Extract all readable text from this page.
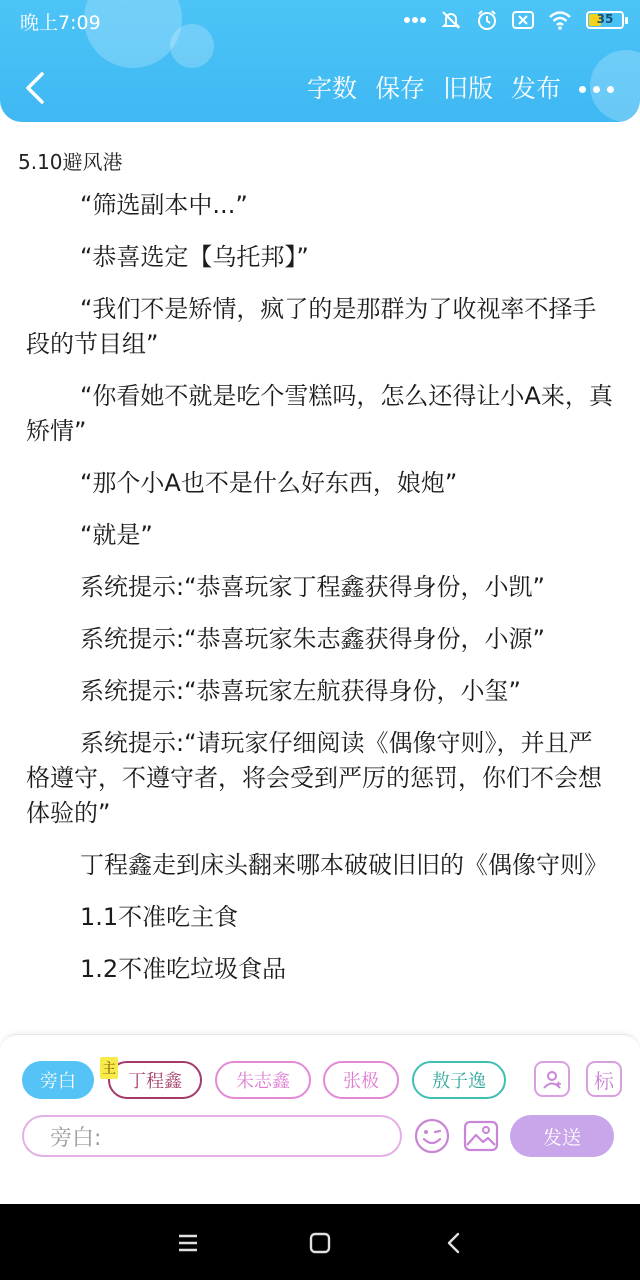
晚上7:09	35
字数 保存 旧版 发布
5.10避风港

“筛选副本中...”

“恭喜选定【乌托邦】”

“我们不是矫情，疯了的是那群为了收视率不择手段的节目组”

“你看她不就是吃个雪糕吗，怎么还得让小A来，真矫情”

“那个小A也不是什么好东西，娘炮”

“就是”

系统提示:“恭喜玩家丁程鑫获得身份，小凯”

系统提示:“恭喜玩家朱志鑫获得身份，小源”

系统提示:“恭喜玩家左航获得身份，小玺”

系统提示:“请玩家仔细阅读《偶像守则》，并且严格遵守，不遵守者，将会受到严厉的惩罚，你们不会想体验的”

丁程鑫走到床头翻来哪本破破旧旧的《偶像守则》

1.1不准吃主食

1.2不准吃垃圾食品

旁白	丁程鑫
主
朱志鑫	张极	敖子逸	标
旁白:	发送
